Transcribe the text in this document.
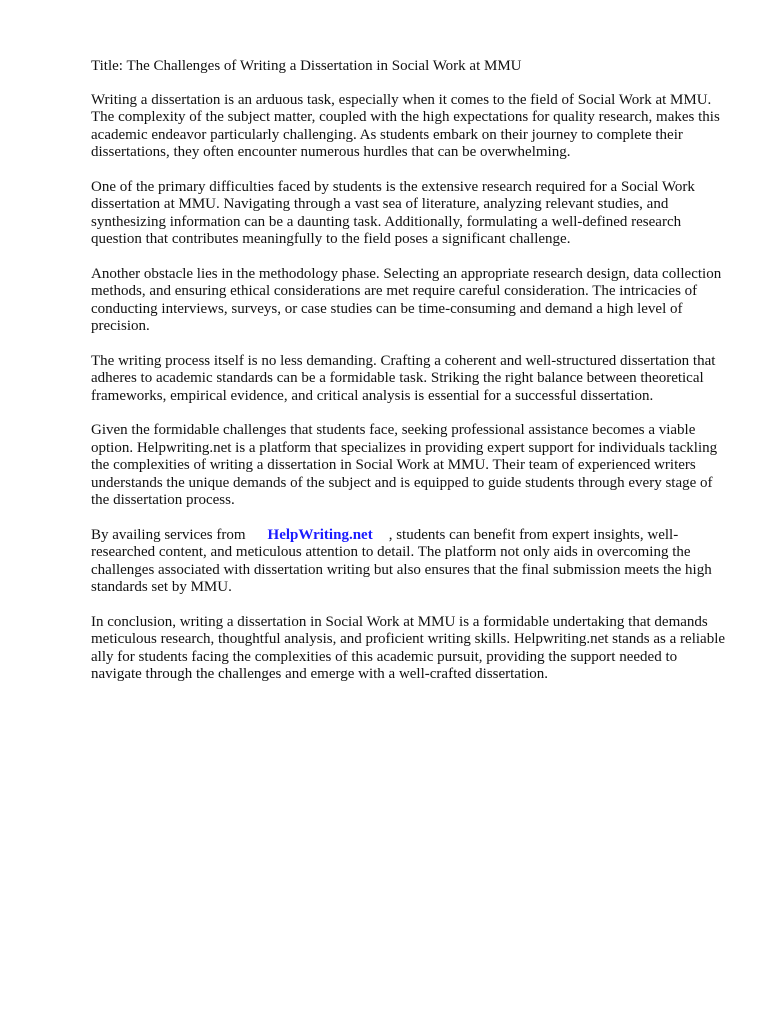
Title: The Challenges of Writing a Dissertation in Social Work at MMU

Writing a dissertation is an arduous task, especially when it comes to the field of Social Work at MMU. The complexity of the subject matter, coupled with the high expectations for quality research, makes this academic endeavor particularly challenging. As students embark on their journey to complete their dissertations, they often encounter numerous hurdles that can be overwhelming.

One of the primary difficulties faced by students is the extensive research required for a Social Work dissertation at MMU. Navigating through a vast sea of literature, analyzing relevant studies, and synthesizing information can be a daunting task. Additionally, formulating a well-defined research question that contributes meaningfully to the field poses a significant challenge.

Another obstacle lies in the methodology phase. Selecting an appropriate research design, data collection methods, and ensuring ethical considerations are met require careful consideration. The intricacies of conducting interviews, surveys, or case studies can be time-consuming and demand a high level of precision.

The writing process itself is no less demanding. Crafting a coherent and well-structured dissertation that adheres to academic standards can be a formidable task. Striking the right balance between theoretical frameworks, empirical evidence, and critical analysis is essential for a successful dissertation.

Given the formidable challenges that students face, seeking professional assistance becomes a viable option. Helpwriting.net is a platform that specializes in providing expert support for individuals tackling the complexities of writing a dissertation in Social Work at MMU. Their team of experienced writers understands the unique demands of the subject and is equipped to guide students through every stage of the dissertation process.

By availing services from HelpWriting.net , students can benefit from expert insights, well-researched content, and meticulous attention to detail. The platform not only aids in overcoming the challenges associated with dissertation writing but also ensures that the final submission meets the high standards set by MMU.

In conclusion, writing a dissertation in Social Work at MMU is a formidable undertaking that demands meticulous research, thoughtful analysis, and proficient writing skills. Helpwriting.net stands as a reliable ally for students facing the complexities of this academic pursuit, providing the support needed to navigate through the challenges and emerge with a well-crafted dissertation.
